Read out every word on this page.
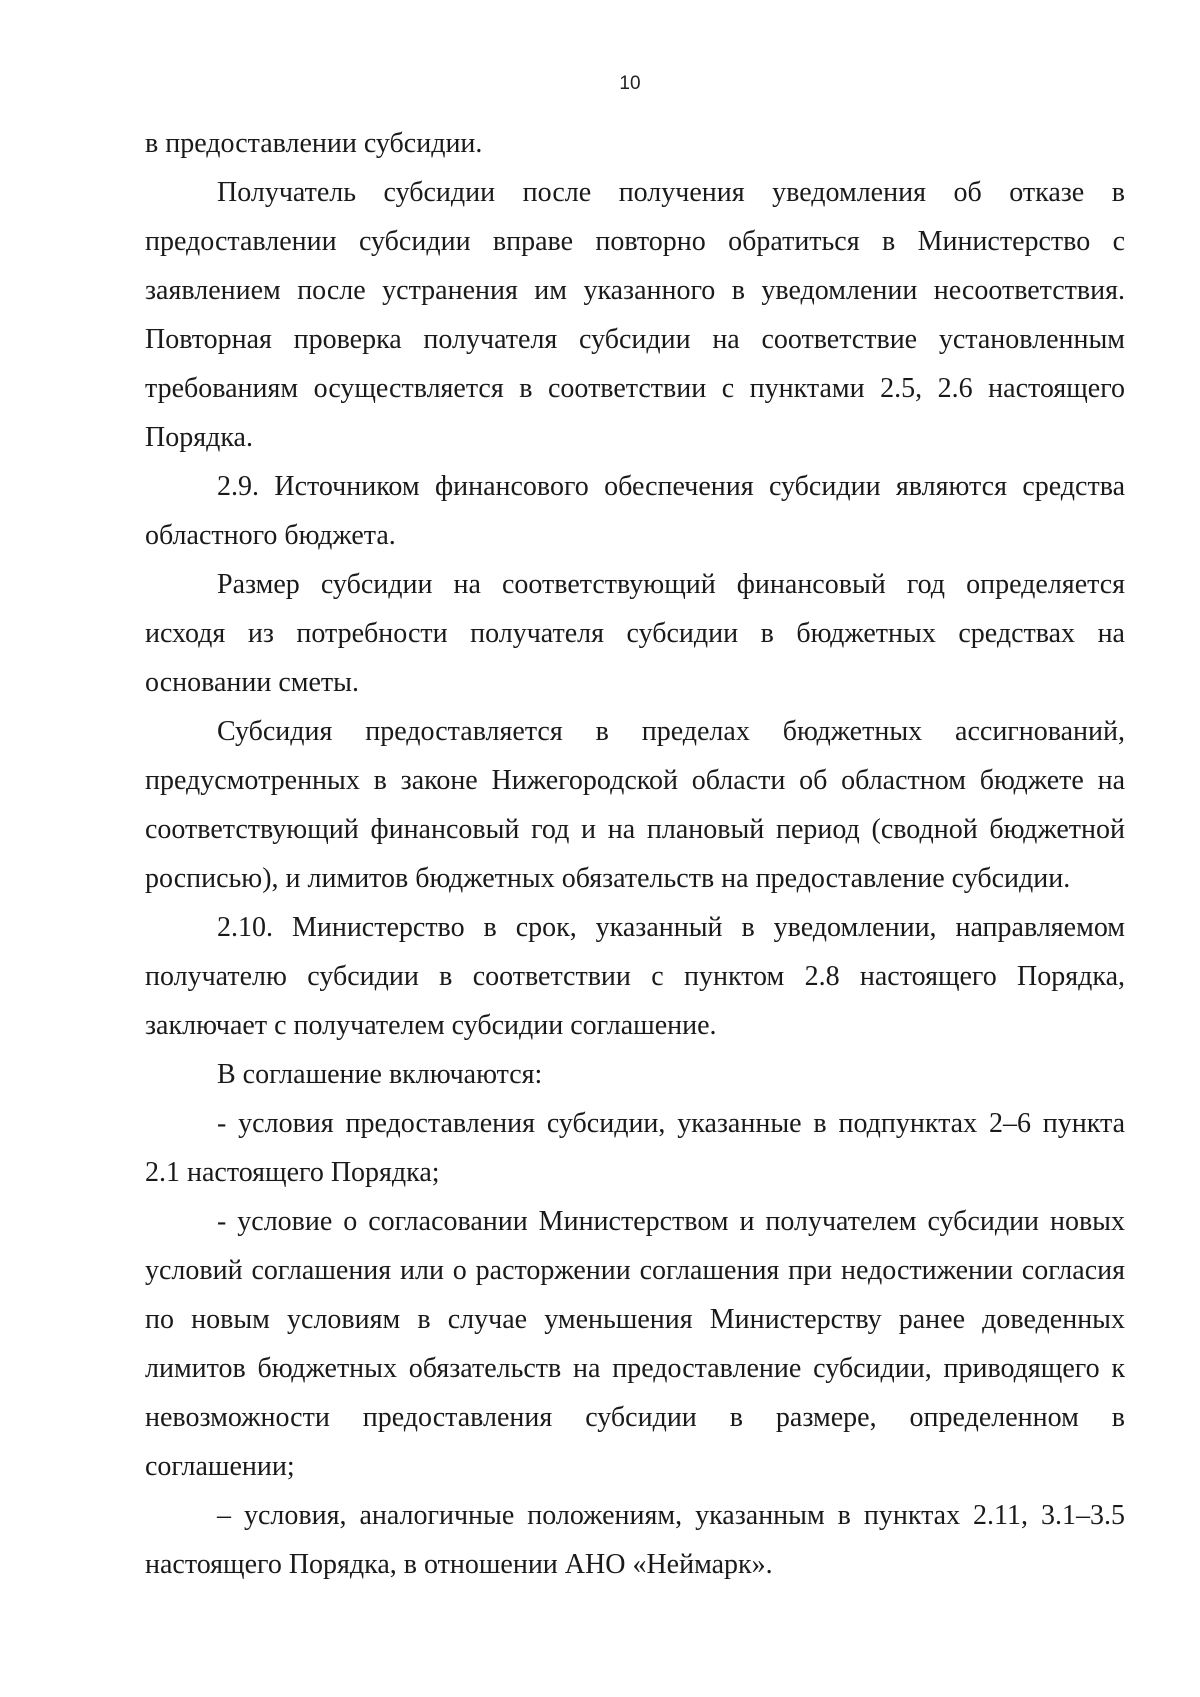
10

в предоставлении субсидии.

Получатель субсидии после получения уведомления об отказе в предоставлении субсидии вправе повторно обратиться в Министерство с заявлением после устранения им указанного в уведомлении несоответствия. Повторная проверка получателя субсидии на соответствие установленным требованиям осуществляется в соответствии с пунктами 2.5, 2.6 настоящего Порядка.

2.9. Источником финансового обеспечения субсидии являются средства областного бюджета.

Размер субсидии на соответствующий финансовый год определяется исходя из потребности получателя субсидии в бюджетных средствах на основании сметы.

Субсидия предоставляется в пределах бюджетных ассигнований, предусмотренных в законе Нижегородской области об областном бюджете на соответствующий финансовый год и на плановый период (сводной бюджетной росписью), и лимитов бюджетных обязательств на предоставление субсидии.

2.10. Министерство в срок, указанный в уведомлении, направляемом получателю субсидии в соответствии с пунктом 2.8 настоящего Порядка, заключает с получателем субсидии соглашение.

В соглашение включаются:

- условия предоставления субсидии, указанные в подпунктах 2–6 пункта 2.1 настоящего Порядка;

- условие о согласовании Министерством и получателем субсидии новых условий соглашения или о расторжении соглашения при недостижении согласия по новым условиям в случае уменьшения Министерству ранее доведенных лимитов бюджетных обязательств на предоставление субсидии, приводящего к невозможности предоставления субсидии в размере, определенном в соглашении;

– условия, аналогичные положениям, указанным в пунктах 2.11, 3.1–3.5 настоящего Порядка, в отношении АНО «Неймарк».
